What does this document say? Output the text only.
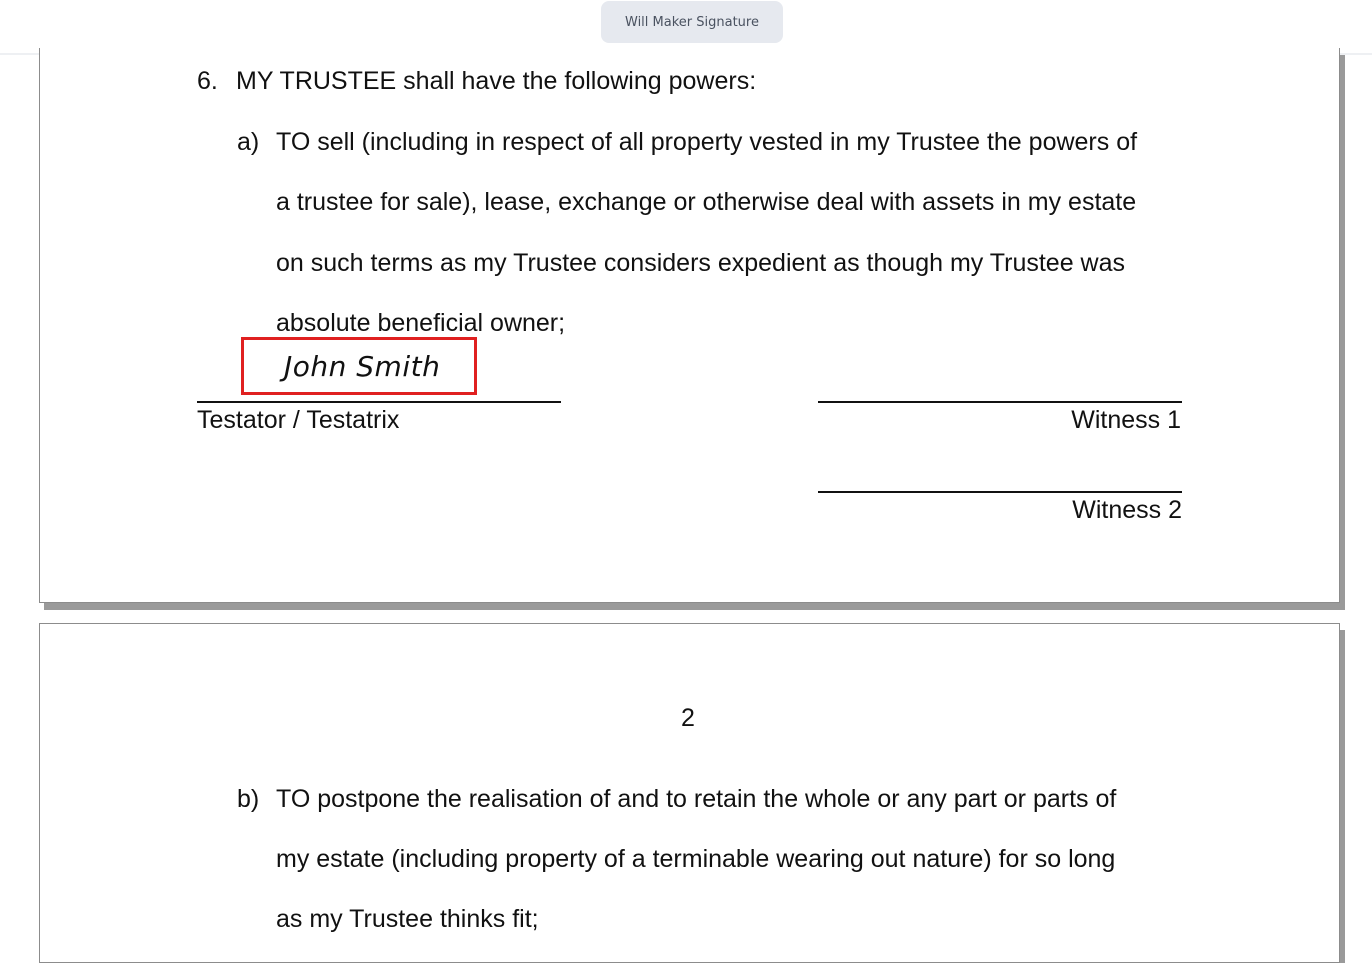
Will Maker Signature
6. MY TRUSTEE shall have the following powers:
a) TO sell (including in respect of all property vested in my Trustee the powers of
a trustee for sale), lease, exchange or otherwise deal with assets in my estate
on such terms as my Trustee considers expedient as though my Trustee was
absolute beneficial owner;
Testator / Testatrix	Witness 1
Witness 2
John Smith
2
b) TO postpone the realisation of and to retain the whole or any part or parts of
my estate (including property of a terminable wearing out nature) for so long
as my Trustee thinks fit;
